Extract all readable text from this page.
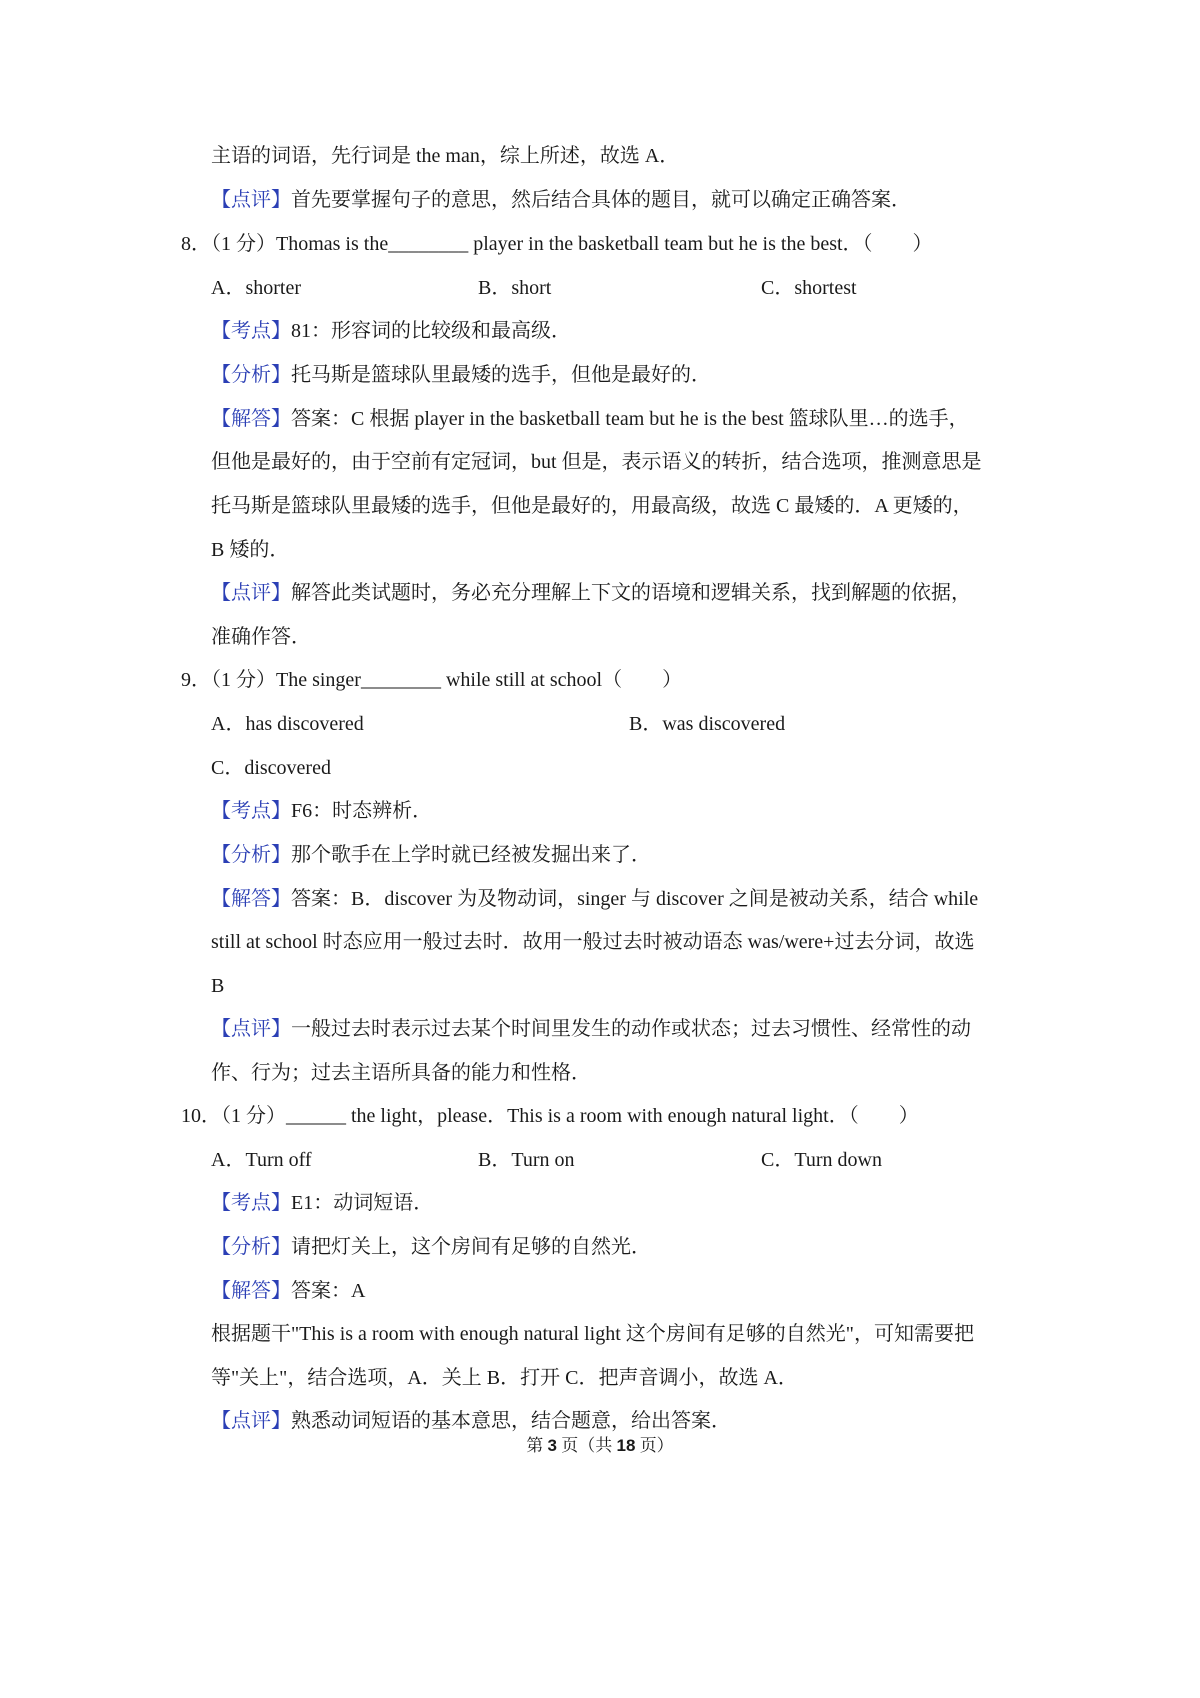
主语的词语，先行词是 the man，综上所述，故选 A．
【点评】首先要掌握句子的意思，然后结合具体的题目，就可以确定正确答案．
8．（1 分）Thomas is the________ player in the basketball team but he is the best．（　　）
A．shorter	B．short	C．shortest
【考点】81：形容词的比较级和最高级．
【分析】托马斯是篮球队里最矮的选手，但他是最好的．
【解答】答案：C 根据 player in the basketball team but he is the best 篮球队里…的选手，
但他是最好的，由于空前有定冠词，but 但是，表示语义的转折，结合选项，推测意思是
托马斯是篮球队里最矮的选手，但他是最好的，用最高级，故选 C 最矮的．A 更矮的，
B 矮的．
【点评】解答此类试题时，务必充分理解上下文的语境和逻辑关系，找到解题的依据，
准确作答．
9．（1 分）The singer________ while still at school（　　）
A．has discovered	B．was discovered
C．discovered
【考点】F6：时态辨析．
【分析】那个歌手在上学时就已经被发掘出来了．
【解答】答案：B．discover 为及物动词，singer 与 discover 之间是被动关系，结合 while
still at school 时态应用一般过去时．故用一般过去时被动语态 was/were+过去分词，故选
B
【点评】一般过去时表示过去某个时间里发生的动作或状态；过去习惯性、经常性的动
作、行为；过去主语所具备的能力和性格．
10．（1 分）______ the light，please．This is a room with enough natural light．（　　）
A．Turn off	B．Turn on	C．Turn down
【考点】E1：动词短语．
【分析】请把灯关上，这个房间有足够的自然光．
【解答】答案：A
根据题干"This is a room with enough natural light 这个房间有足够的自然光"，可知需要把
等"关上"，结合选项，A．关上 B．打开 C．把声音调小，故选 A．
【点评】熟悉动词短语的基本意思，结合题意，给出答案．
第 3 页（共 18 页）
